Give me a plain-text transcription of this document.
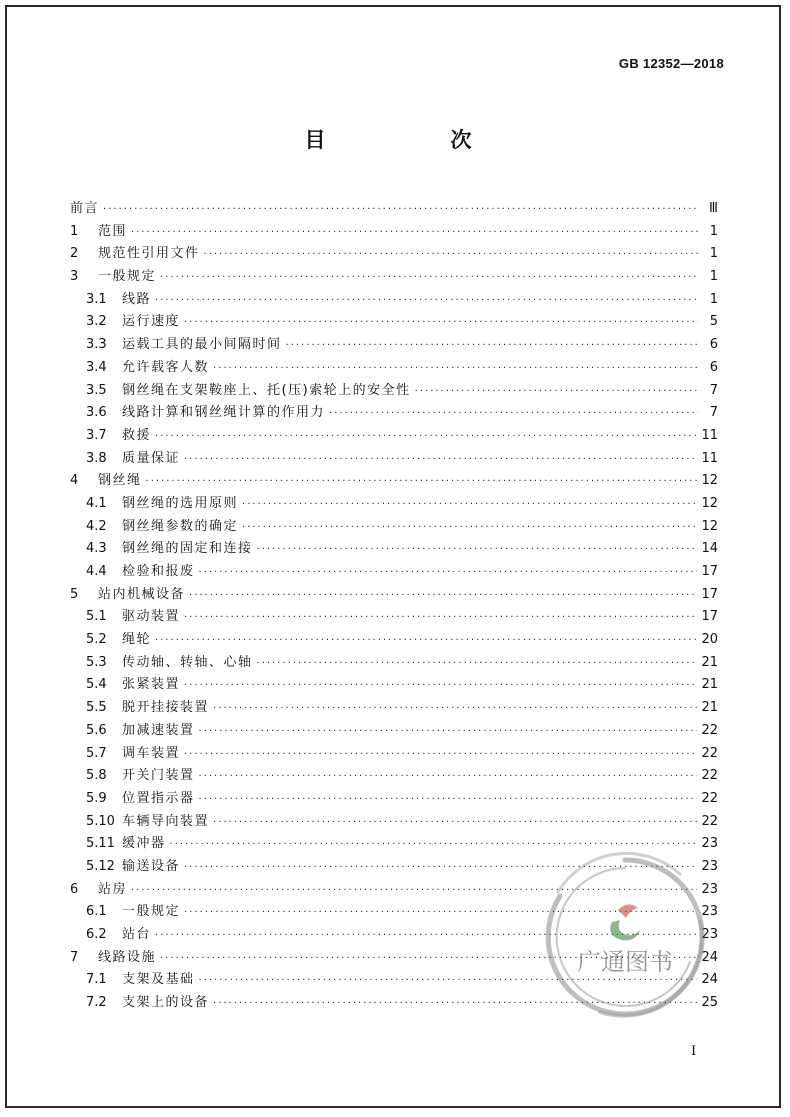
GB 12352—2018
目　次
前言 ·····	Ⅲ
1	范围 ·····	1
2	规范性引用文件 ·····	1
3	一般规定 ·····	1
3.1	线路 ·····	1
3.2	运行速度 ·····	5
3.3	运载工具的最小间隔时间 ·····	6
3.4	允许载客人数 ·····	6
3.5	钢丝绳在支架鞍座上、托(压)索轮上的安全性 ·····	7
3.6	线路计算和钢丝绳计算的作用力 ·····	7
3.7	救援 ·····	11
3.8	质量保证 ·····	11
4	钢丝绳 ·····	12
4.1	钢丝绳的选用原则 ·····	12
4.2	钢丝绳参数的确定 ·····	12
4.3	钢丝绳的固定和连接 ·····	14
4.4	检验和报废 ·····	17
5	站内机械设备 ·····	17
5.1	驱动装置 ·····	17
5.2	绳轮 ·····	20
5.3	传动轴、转轴、心轴 ·····	21
5.4	张紧装置 ·····	21
5.5	脱开挂接装置 ·····	21
5.6	加减速装置 ·····	22
5.7	调车装置 ·····	22
5.8	开关门装置 ·····	22
5.9	位置指示器 ·····	22
5.10 车辆导向装置 ·····	22
5.11 缓冲器 ·····	23
5.12 输送设备 ·····	23
6	站房 ·····	23
6.1	一般规定 ·····	23
6.2	站台 ·····	23
7	线路设施 ·····	24
7.1	支架及基础 ·····	24
7.2	支架上的设备 ·····	25
I
广通图书
